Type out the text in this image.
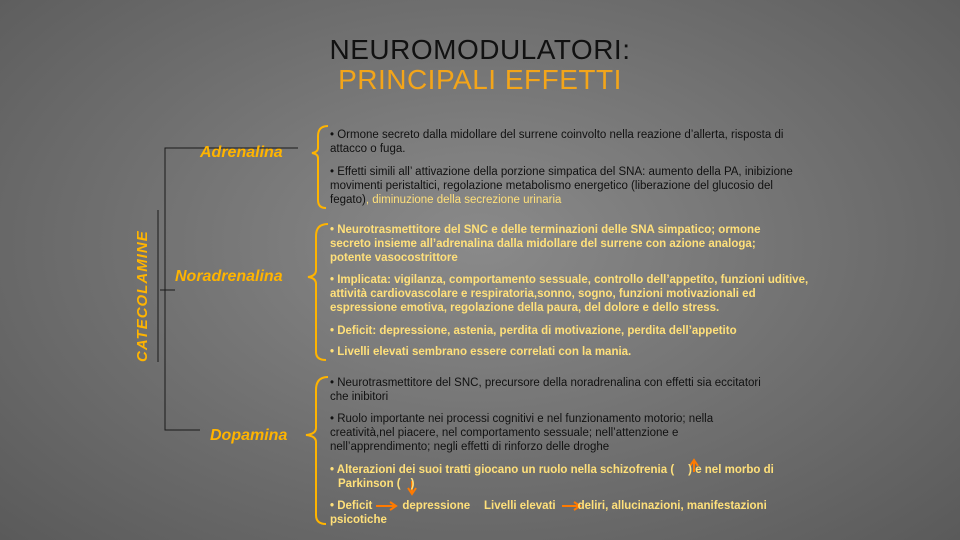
NEUROMODULATORI:
PRINCIPALI EFFETTI
CATECOLAMINE
Adrenalina
• Ormone secreto dalla midollare del surrene coinvolto nella reazione d’allerta, risposta di attacco o fuga.
• Effetti simili all’ attivazione della porzione simpatica del SNA: aumento della PA, inibizione movimenti peristaltici, regolazione metabolismo energetico (liberazione del glucosio del fegato), diminuzione della secrezione urinaria
Noradrenalina
• Neurotrasmettitore del SNC e delle terminazioni delle SNA simpatico; ormone secreto insieme all’adrenalina dalla midollare del surrene con azione analoga; potente vasocostrittore
• Implicata: vigilanza, comportamento sessuale, controllo dell’appetito, funzioni uditive, attività cardiovascolare e respiratoria,sonno, sogno, funzioni motivazionali ed espressione emotiva, regolazione della paura, del dolore e dello stress.
• Deficit: depressione, astenia, perdita di motivazione, perdita dell’appetito
• Livelli elevati sembrano essere correlati con la mania.
Dopamina
• Neurotrasmettitore del SNC, precursore della noradrenalina con effetti sia eccitatori che inibitori
• Ruolo importante nei processi cognitivi e nel funzionamento motorio; nella creatività,nel piacere, nel comportamento sessuale; nell’attenzione e nell’apprendimento; negli effetti di rinforzo delle droghe
• Alterazioni dei suoi tratti giocano un ruolo nella schizofrenia ( ) e nel morbo di
Parkinson ( )
• Deficit	depressione
psicotiche
Livelli elevati deliri, allucinazioni, manifestazioni
